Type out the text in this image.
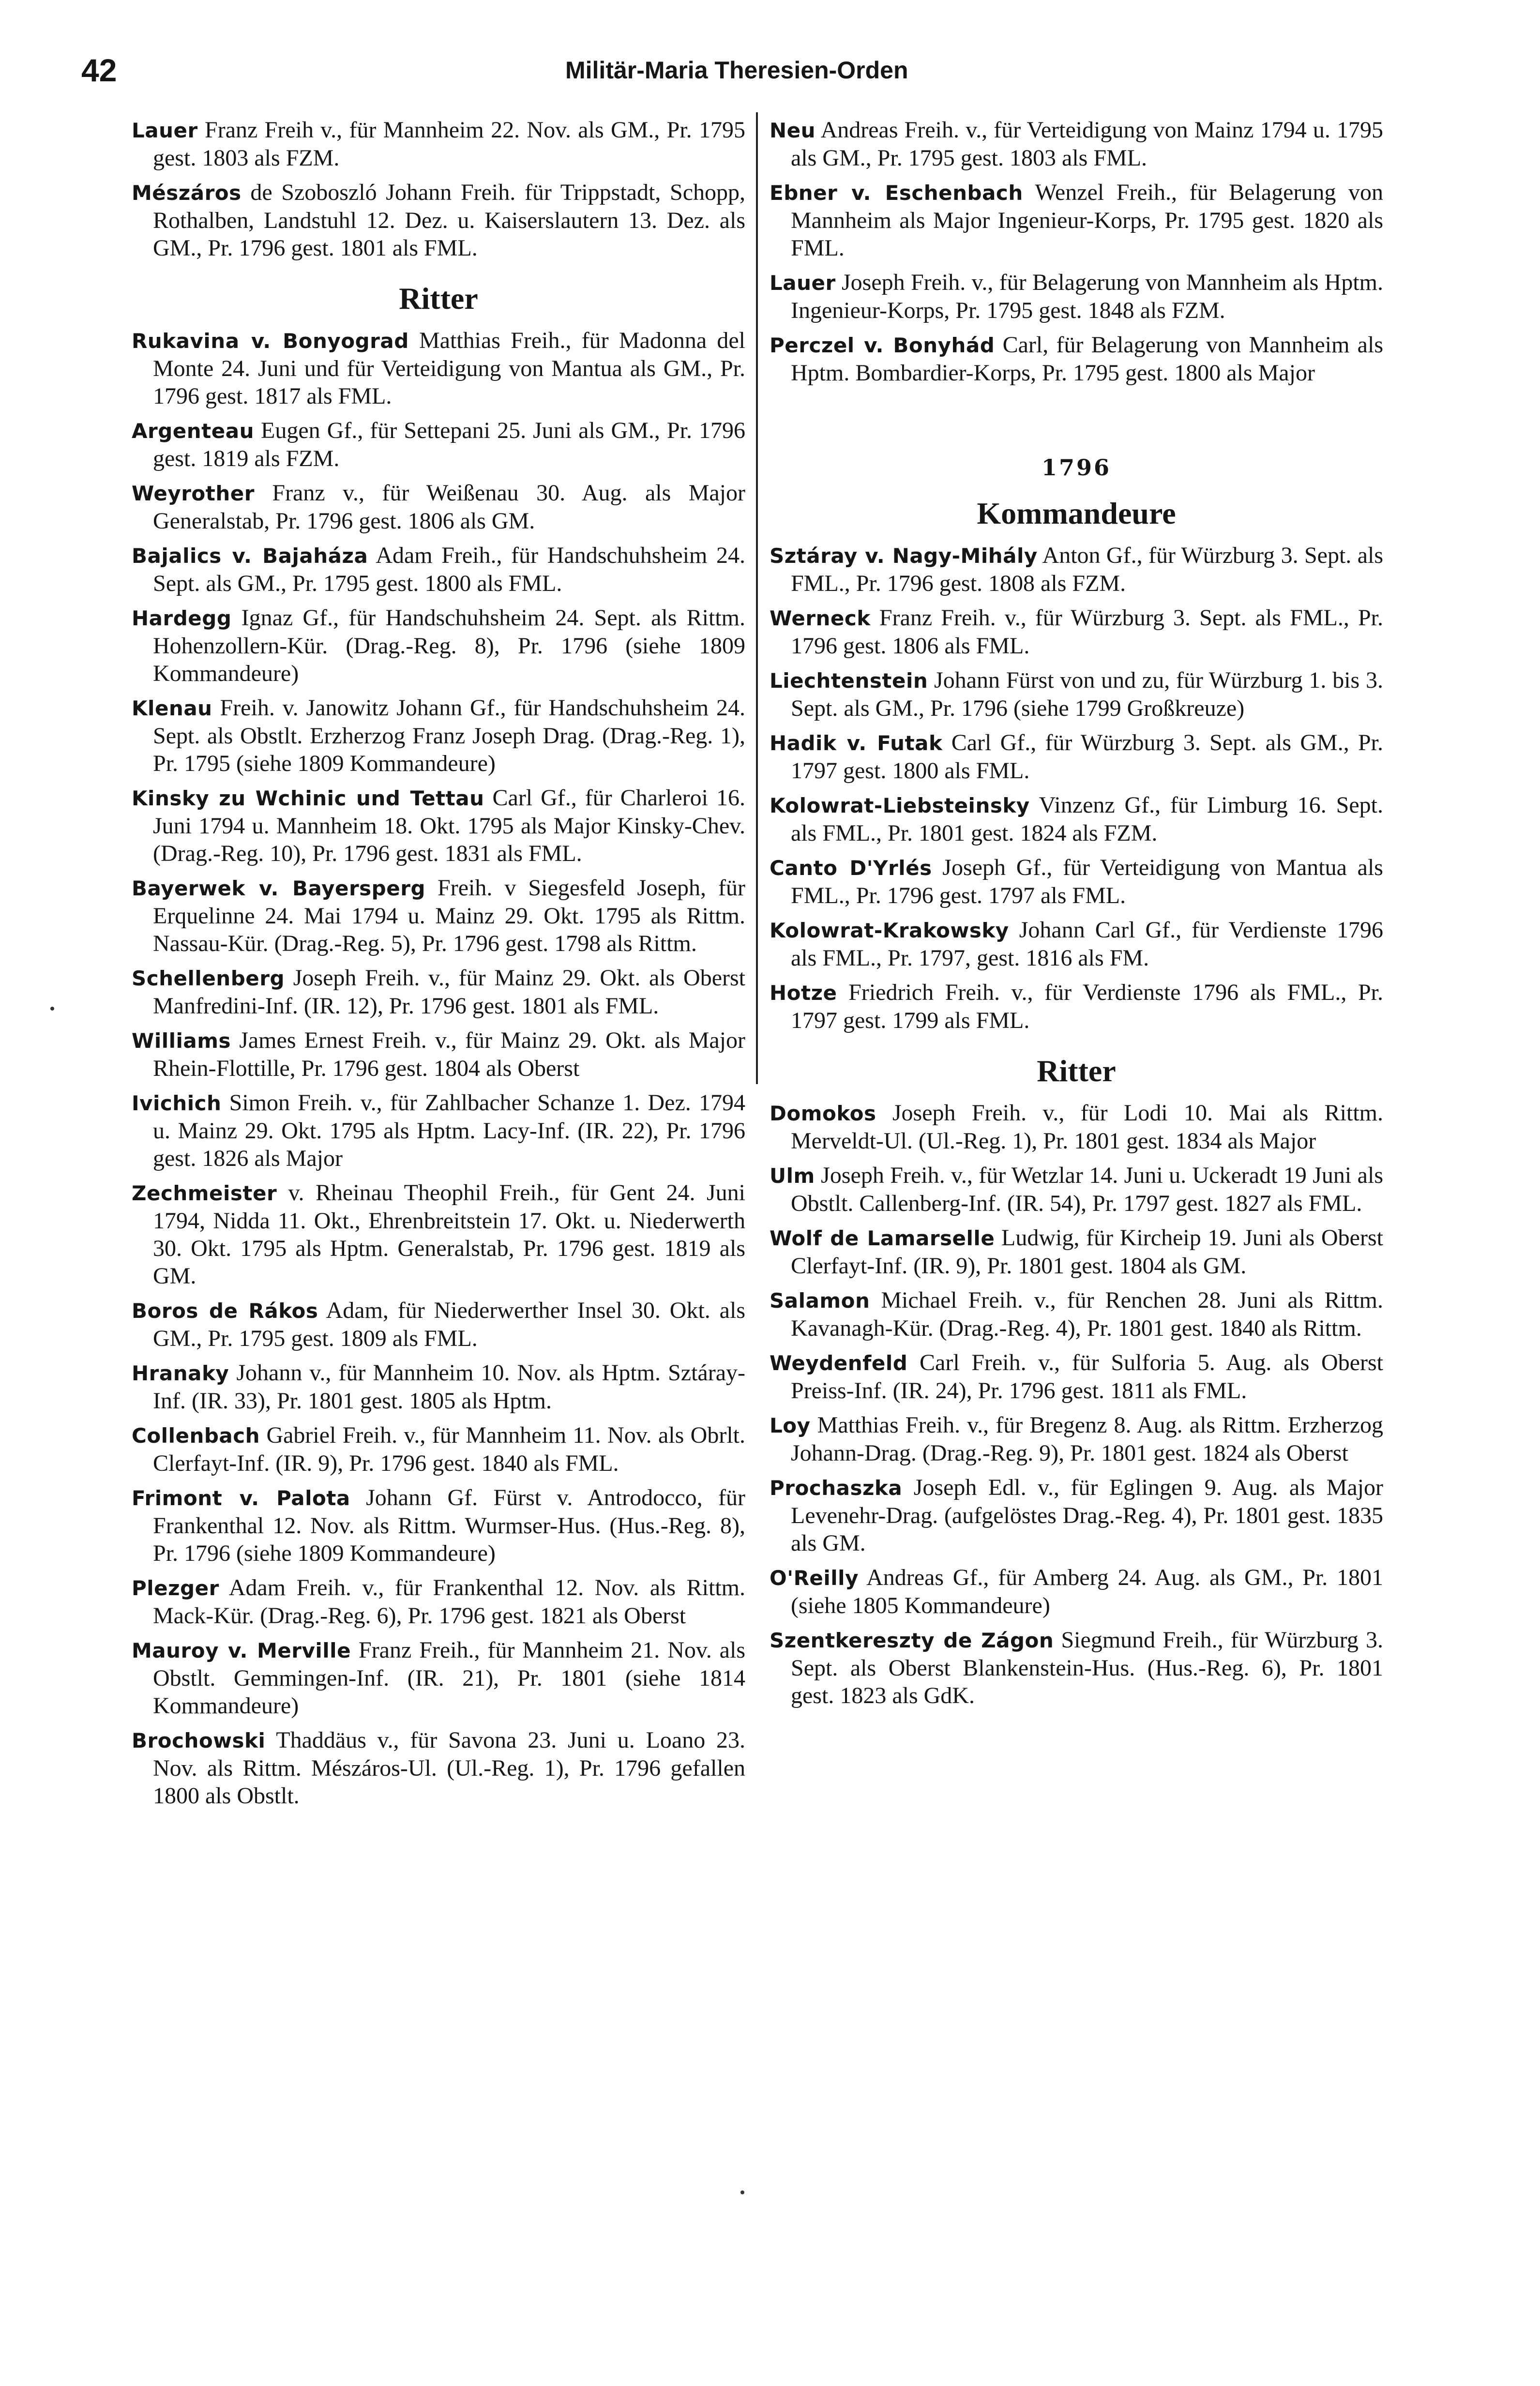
42	Militär-Maria Theresien-Orden

Lauer Franz Freih v., für Mannheim 22. Nov. als GM., Pr. 1795 gest. 1803 als FZM.

Mészáros de Szoboszló Johann Freih. für Trippstadt, Schopp, Rothalben, Landstuhl 12. Dez. u. Kaiserslautern 13. Dez. als GM., Pr. 1796 gest. 1801 als FML.

Ritter

Rukavina v. Bonyograd Matthias Freih., für Madonna del Monte 24. Juni und für Verteidigung von Mantua als GM., Pr. 1796 gest. 1817 als FML.

Argenteau Eugen Gf., für Settepani 25. Juni als GM., Pr. 1796 gest. 1819 als FZM.

Weyrother Franz v., für Weißenau 30. Aug. als Major Generalstab, Pr. 1796 gest. 1806 als GM.

Bajalics v. Bajaháza Adam Freih., für Handschuhsheim 24. Sept. als GM., Pr. 1795 gest. 1800 als FML.

Hardegg Ignaz Gf., für Handschuhsheim 24. Sept. als Rittm. Hohenzollern-Kür. (Drag.-Reg. 8), Pr. 1796 (siehe 1809 Kommandeure)

Klenau Freih. v. Janowitz Johann Gf., für Handschuhsheim 24. Sept. als Obstlt. Erzherzog Franz Joseph Drag. (Drag.-Reg. 1), Pr. 1795 (siehe 1809 Kommandeure)

Kinsky zu Wchinic und Tettau Carl Gf., für Charleroi 16. Juni 1794 u. Mannheim 18. Okt. 1795 als Major Kinsky-Chev. (Drag.-Reg. 10), Pr. 1796 gest. 1831 als FML.

Bayerwek v. Bayersperg Freih. v Siegesfeld Joseph, für Erquelinne 24. Mai 1794 u. Mainz 29. Okt. 1795 als Rittm. Nassau-Kür. (Drag.-Reg. 5), Pr. 1796 gest. 1798 als Rittm.

Schellenberg Joseph Freih. v., für Mainz 29. Okt. als Oberst Manfredini-Inf. (IR. 12), Pr. 1796 gest. 1801 als FML.

Williams James Ernest Freih. v., für Mainz 29. Okt. als Major Rhein-Flottille, Pr. 1796 gest. 1804 als Oberst

Ivichich Simon Freih. v., für Zahlbacher Schanze 1. Dez. 1794 u. Mainz 29. Okt. 1795 als Hptm. Lacy-Inf. (IR. 22), Pr. 1796 gest. 1826 als Major

Zechmeister v. Rheinau Theophil Freih., für Gent 24. Juni 1794, Nidda 11. Okt., Ehrenbreitstein 17. Okt. u. Niederwerth 30. Okt. 1795 als Hptm. Generalstab, Pr. 1796 gest. 1819 als GM.

Boros de Rákos Adam, für Niederwerther Insel 30. Okt. als GM., Pr. 1795 gest. 1809 als FML.

Hranaky Johann v., für Mannheim 10. Nov. als Hptm. Sztáray-Inf. (IR. 33), Pr. 1801 gest. 1805 als Hptm.

Collenbach Gabriel Freih. v., für Mannheim 11. Nov. als Obrlt. Clerfayt-Inf. (IR. 9), Pr. 1796 gest. 1840 als FML.

Frimont v. Palota Johann Gf. Fürst v. Antrodocco, für Frankenthal 12. Nov. als Rittm. Wurmser-Hus. (Hus.-Reg. 8), Pr. 1796 (siehe 1809 Kommandeure)

Plezger Adam Freih. v., für Frankenthal 12. Nov. als Rittm. Mack-Kür. (Drag.-Reg. 6), Pr. 1796 gest. 1821 als Oberst

Mauroy v. Merville Franz Freih., für Mannheim 21. Nov. als Obstlt. Gemmingen-Inf. (IR. 21), Pr. 1801 (siehe 1814 Kommandeure)

Brochowski Thaddäus v., für Savona 23. Juni u. Loano 23. Nov. als Rittm. Mészáros-Ul. (Ul.-Reg. 1), Pr. 1796 gefallen 1800 als Obstlt.

Neu Andreas Freih. v., für Verteidigung von Mainz 1794 u. 1795 als GM., Pr. 1795 gest. 1803 als FML.

Ebner v. Eschenbach Wenzel Freih., für Belagerung von Mannheim als Major Ingenieur-Korps, Pr. 1795 gest. 1820 als FML.

Lauer Joseph Freih. v., für Belagerung von Mannheim als Hptm. Ingenieur-Korps, Pr. 1795 gest. 1848 als FZM.

Perczel v. Bonyhád Carl, für Belagerung von Mannheim als Hptm. Bombardier-Korps, Pr. 1795 gest. 1800 als Major

1796
Kommandeure

Sztáray v. Nagy-Mihály Anton Gf., für Würzburg 3. Sept. als FML., Pr. 1796 gest. 1808 als FZM.

Werneck Franz Freih. v., für Würzburg 3. Sept. als FML., Pr. 1796 gest. 1806 als FML.

Liechtenstein Johann Fürst von und zu, für Würzburg 1. bis 3. Sept. als GM., Pr. 1796 (siehe 1799 Großkreuze)

Hadik v. Futak Carl Gf., für Würzburg 3. Sept. als GM., Pr. 1797 gest. 1800 als FML.

Kolowrat-Liebsteinsky Vinzenz Gf., für Limburg 16. Sept. als FML., Pr. 1801 gest. 1824 als FZM.

Canto D'Yrlés Joseph Gf., für Verteidigung von Mantua als FML., Pr. 1796 gest. 1797 als FML.

Kolowrat-Krakowsky Johann Carl Gf., für Verdienste 1796 als FML., Pr. 1797, gest. 1816 als FM.

Hotze Friedrich Freih. v., für Verdienste 1796 als FML., Pr. 1797 gest. 1799 als FML.

Ritter

Domokos Joseph Freih. v., für Lodi 10. Mai als Rittm. Merveldt-Ul. (Ul.-Reg. 1), Pr. 1801 gest. 1834 als Major

Ulm Joseph Freih. v., für Wetzlar 14. Juni u. Uckeradt 19 Juni als Obstlt. Callenberg-Inf. (IR. 54), Pr. 1797 gest. 1827 als FML.

Wolf de Lamarselle Ludwig, für Kircheip 19. Juni als Oberst Clerfayt-Inf. (IR. 9), Pr. 1801 gest. 1804 als GM.

Salamon Michael Freih. v., für Renchen 28. Juni als Rittm. Kavanagh-Kür. (Drag.-Reg. 4), Pr. 1801 gest. 1840 als Rittm.

Weydenfeld Carl Freih. v., für Sulforia 5. Aug. als Oberst Preiss-Inf. (IR. 24), Pr. 1796 gest. 1811 als FML.

Loy Matthias Freih. v., für Bregenz 8. Aug. als Rittm. Erzherzog Johann-Drag. (Drag.-Reg. 9), Pr. 1801 gest. 1824 als Oberst

Prochaszka Joseph Edl. v., für Eglingen 9. Aug. als Major Levenehr-Drag. (aufgelöstes Drag.-Reg. 4), Pr. 1801 gest. 1835 als GM.

O'Reilly Andreas Gf., für Amberg 24. Aug. als GM., Pr. 1801 (siehe 1805 Kommandeure)

Szentkereszty de Zágon Siegmund Freih., für Würzburg 3. Sept. als Oberst Blankenstein-Hus. (Hus.-Reg. 6), Pr. 1801 gest. 1823 als GdK.
